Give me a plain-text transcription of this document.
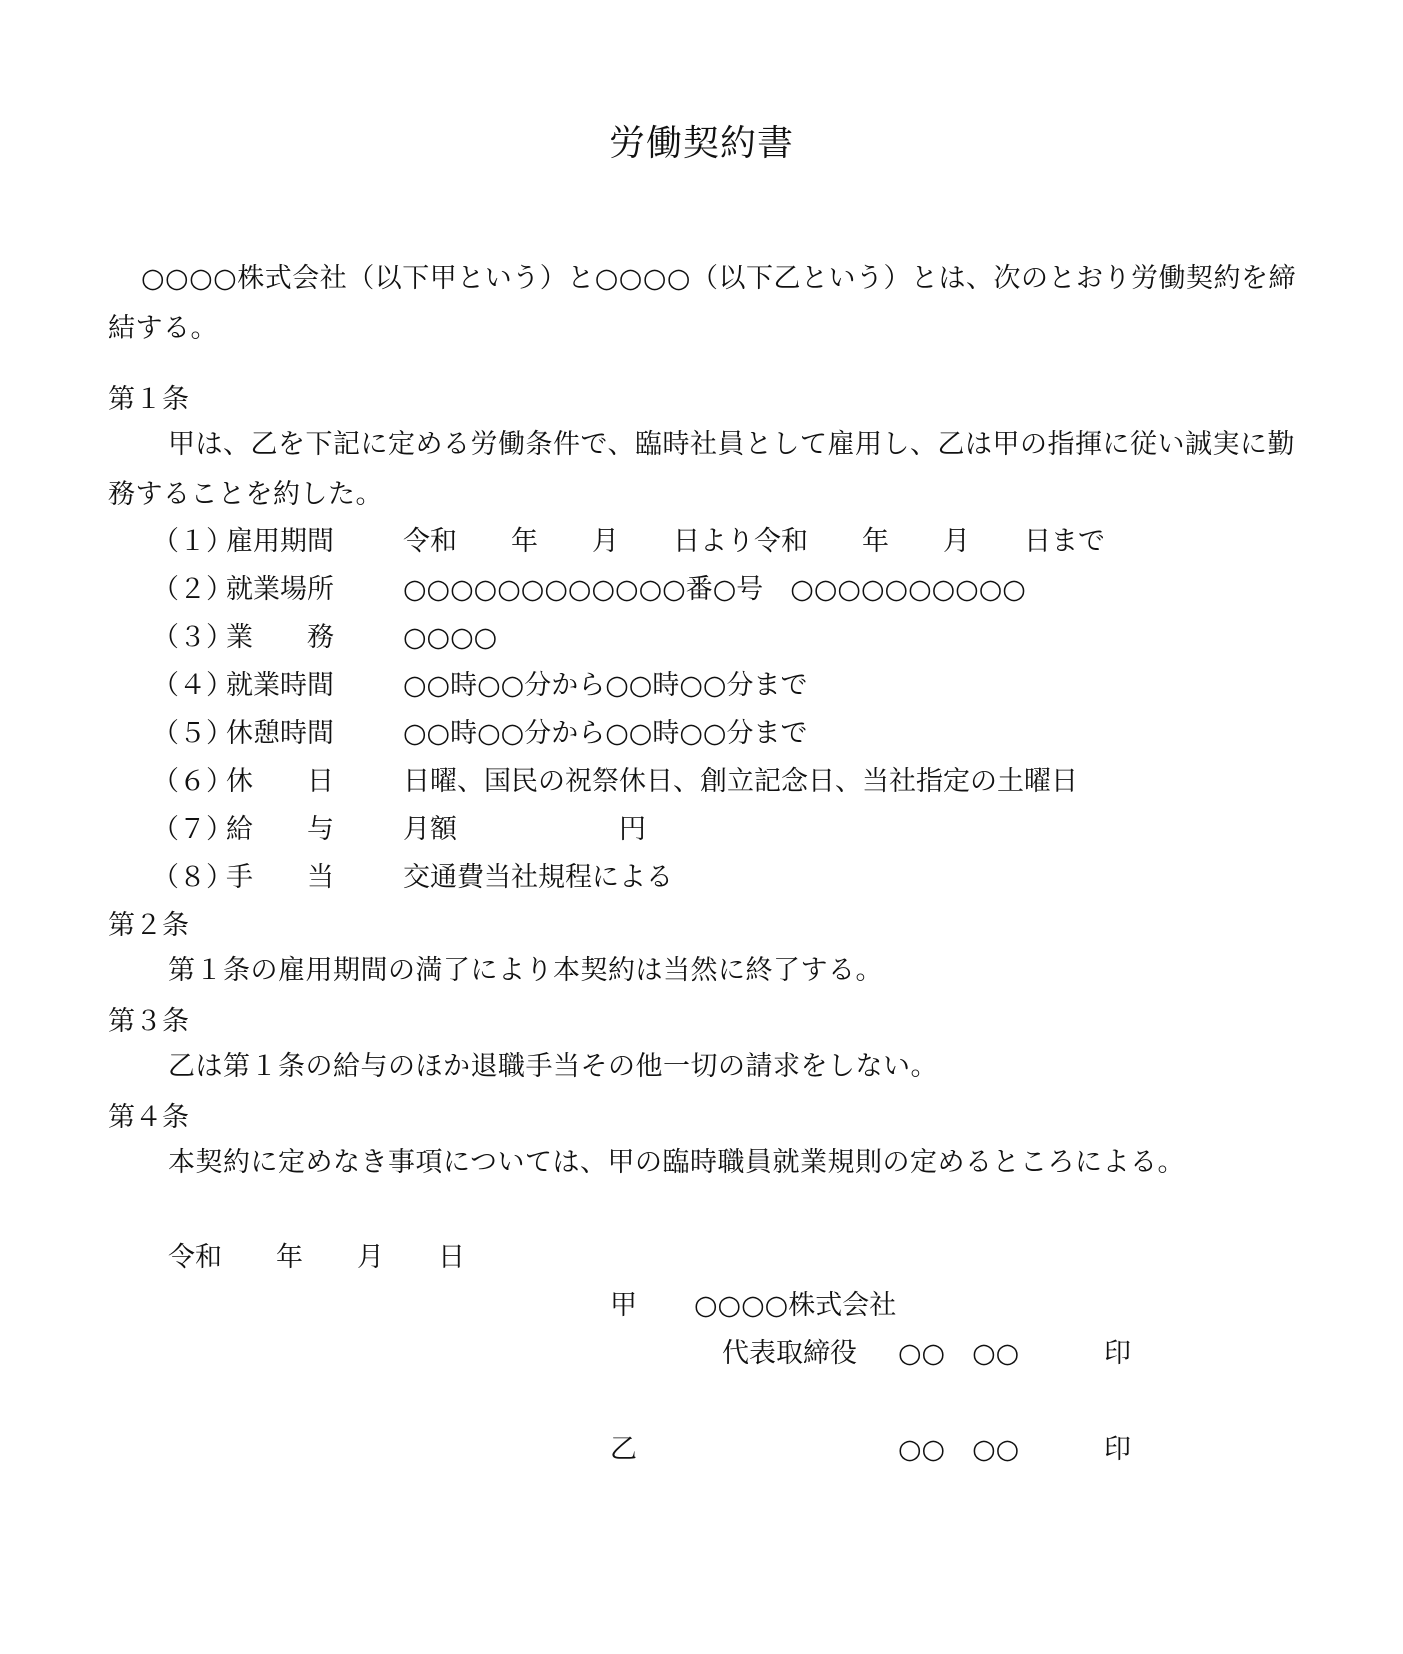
労働契約書
○○○○株式会社（以下甲という）と○○○○（以下乙という）とは、次のとおり労働契約を締結する。
第１条
甲は、乙を下記に定める労働条件で、臨時社員として雇用し、乙は甲の指揮に従い誠実に勤務することを約した。
（１）
雇用期間	令和　　年　　月　　日より令和　　年　　月　　日まで
（２）
就業場所	○○○○○○○○○○○○番○号　○○○○○○○○○○
（３）
業　　務	○○○○
（４）
就業時間	○○時○○分から○○時○○分まで
（５）
休憩時間	○○時○○分から○○時○○分まで
（６）
休　　日	日曜、国民の祝祭休日、創立記念日、当社指定の土曜日
（７）
給　　与	月額　　　　　　円
（８）
手　　当	交通費当社規程による
第２条
第１条の雇用期間の満了により本契約は当然に終了する。
第３条
乙は第１条の給与のほか退職手当その他一切の請求をしない。
第４条
本契約に定めなき事項については、甲の臨時職員就業規則の定めるところによる。
令和　　年　　月　　日
甲 ○○○○株式会社
代表取締役 ○○　○○	印
乙	○○　○○	印
